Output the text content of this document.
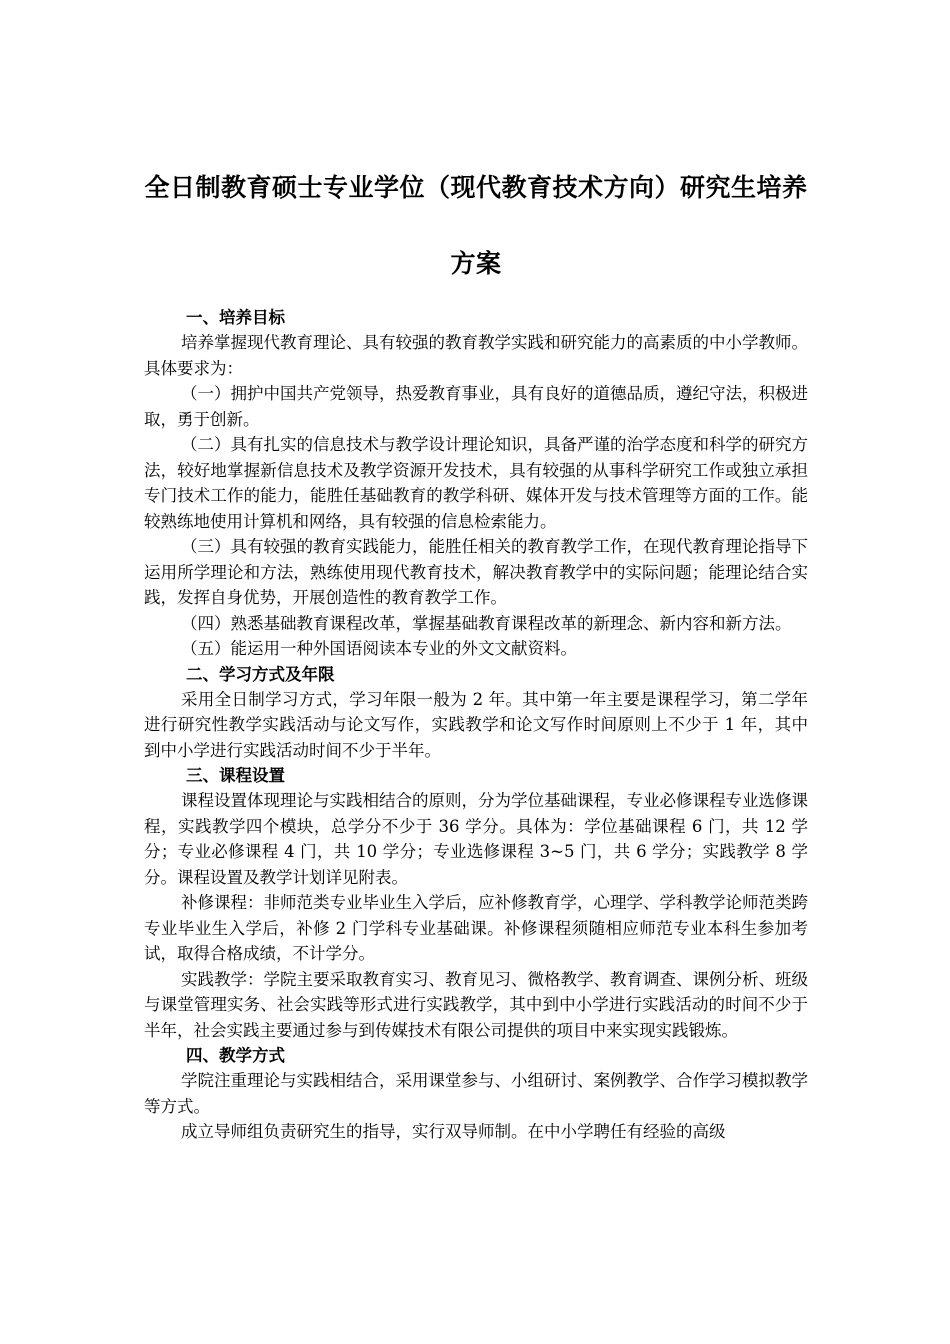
全日制教育硕士专业学位（现代教育技术方向）研究生培养方案
一、培养目标

培养掌握现代教育理论、具有较强的教育教学实践和研究能力的高素质的中小学教师。具体要求为：

（一）拥护中国共产党领导，热爱教育事业，具有良好的道德品质，遵纪守法，积极进取，勇于创新。

（二）具有扎实的信息技术与教学设计理论知识，具备严谨的治学态度和科学的研究方法，较好地掌握新信息技术及教学资源开发技术，具有较强的从事科学研究工作或独立承担专门技术工作的能力，能胜任基础教育的教学科研、媒体开发与技术管理等方面的工作。能较熟练地使用计算机和网络，具有较强的信息检索能力。

（三）具有较强的教育实践能力，能胜任相关的教育教学工作，在现代教育理论指导下运用所学理论和方法，熟练使用现代教育技术，解决教育教学中的实际问题；能理论结合实践，发挥自身优势，开展创造性的教育教学工作。

（四）熟悉基础教育课程改革，掌握基础教育课程改革的新理念、新内容和新方法。

（五）能运用一种外国语阅读本专业的外文文献资料。

二、学习方式及年限

采用全日制学习方式，学习年限一般为 2 年。其中第一年主要是课程学习，第二学年进行研究性教学实践活动与论文写作，实践教学和论文写作时间原则上不少于 1 年，其中到中小学进行实践活动时间不少于半年。

三、课程设置

课程设置体现理论与实践相结合的原则，分为学位基础课程，专业必修课程专业选修课程，实践教学四个模块，总学分不少于 36 学分。具体为：学位基础课程 6 门，共 12 学分；专业必修课程 4 门，共 10 学分；专业选修课程 3~5 门，共 6 学分；实践教学 8 学分。课程设置及教学计划详见附表。

补修课程：非师范类专业毕业生入学后，应补修教育学，心理学、学科教学论师范类跨专业毕业生入学后，补修 2 门学科专业基础课。补修课程须随相应师范专业本科生参加考试，取得合格成绩，不计学分。

实践教学：学院主要采取教育实习、教育见习、微格教学、教育调查、课例分析、班级与课堂管理实务、社会实践等形式进行实践教学，其中到中小学进行实践活动的时间不少于半年，社会实践主要通过参与到传媒技术有限公司提供的项目中来实现实践锻炼。

四、教学方式

学院注重理论与实践相结合，采用课堂参与、小组研讨、案例教学、合作学习模拟教学等方式。

成立导师组负责研究生的指导，实行双导师制。在中小学聘任有经验的高级
